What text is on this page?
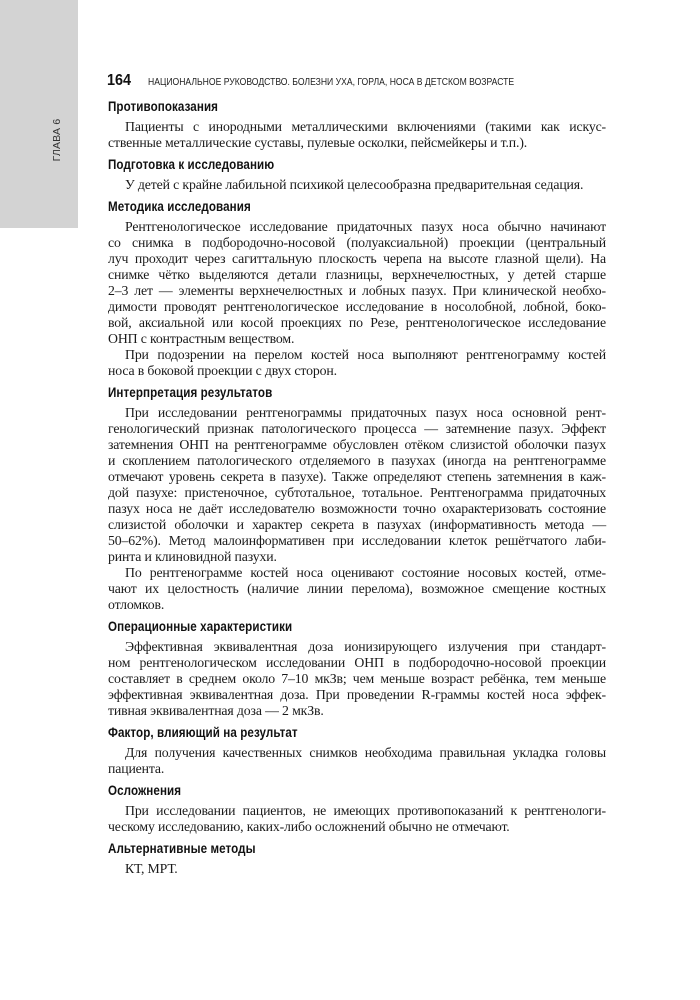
ГЛАВА 6
164 НАЦИОНАЛЬНОЕ РУКОВОДСТВО. БОЛЕЗНИ УХА, ГОРЛА, НОСА В ДЕТСКОМ ВОЗРАСТЕ
Противопоказания
Пациенты с инородными металлическими включениями (такими как искус-
ственные металлические суставы, пулевые осколки, пейсмейкеры и т.п.).
Подготовка к исследованию
У детей с крайне лабильной психикой целесообразна предварительная седация.
Методика исследования
Рентгенологическое исследование придаточных пазух носа обычно начинают
со снимка в подбородочно-носовой (полуаксиальной) проекции (центральный
луч проходит через сагиттальную плоскость черепа на высоте глазной щели). На
снимке чётко выделяются детали глазницы, верхнечелюстных, у детей старше
2–3 лет — элементы верхнечелюстных и лобных пазух. При клинической необхо-
димости проводят рентгенологическое исследование в носолобной, лобной, боко-
вой, аксиальной или косой проекциях по Резе, рентгенологическое исследование
ОНП с контрастным веществом.
При подозрении на перелом костей носа выполняют рентгенограмму костей
носа в боковой проекции с двух сторон.
Интерпретация результатов
При исследовании рентгенограммы придаточных пазух носа основной рент-
генологический признак патологического процесса — затемнение пазух. Эффект
затемнения ОНП на рентгенограмме обусловлен отёком слизистой оболочки пазух
и скоплением патологического отделяемого в пазухах (иногда на рентгенограмме
отмечают уровень секрета в пазухе). Также определяют степень затемнения в каж-
дой пазухе: пристеночное, субтотальное, тотальное. Рентгенограмма придаточных
пазух носа не даёт исследователю возможности точно охарактеризовать состояние
слизистой оболочки и характер секрета в пазухах (информативность метода —
50–62%). Метод малоинформативен при исследовании клеток решётчатого лаби-
ринта и клиновидной пазухи.
По рентгенограмме костей носа оценивают состояние носовых костей, отме-
чают их целостность (наличие линии перелома), возможное смещение костных
отломков.
Операционные характеристики
Эффективная эквивалентная доза ионизирующего излучения при стандарт-
ном рентгенологическом исследовании ОНП в подбородочно-носовой проекции
составляет в среднем около 7–10 мкЗв; чем меньше возраст ребёнка, тем меньше
эффективная эквивалентная доза. При проведении R-граммы костей носа эффек-
тивная эквивалентная доза — 2 мкЗв.
Фактор, влияющий на результат
Для получения качественных снимков необходима правильная укладка головы
пациента.
Осложнения
При исследовании пациентов, не имеющих противопоказаний к рентгенологи-
ческому исследованию, каких-либо осложнений обычно не отмечают.
Альтернативные методы
КТ, МРТ.
